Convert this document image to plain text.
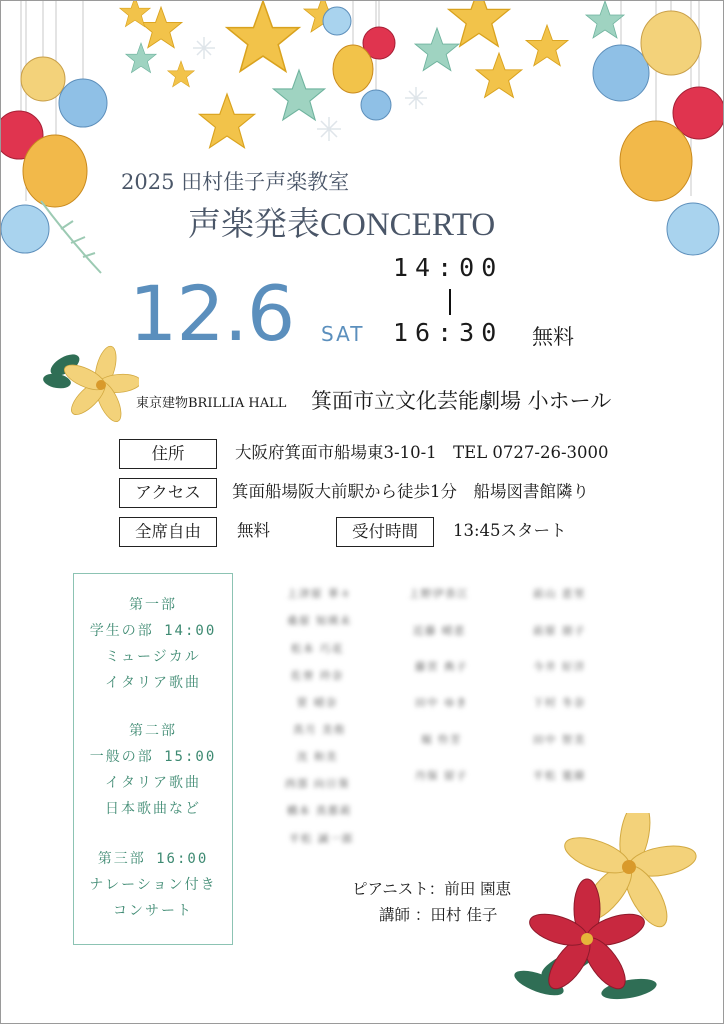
2025 田村佳子声楽教室
声楽発表CONCERTO
12.6 SAT
14:00
16:30 無料
東京建物BRILLIA HALL 箕面市立文化芸能劇場 小ホール
住所	大阪府箕面市船場東3-10-1　TEL 0727-26-3000
アクセス	箕面船場阪大前駅から徒歩1分　船場図書館隣り
全席自由	無料	受付時間	13:45スタート
第一部
学生の部 14:00
ミュージカル
イタリア歌曲
第二部
一般の部 15:00
イタリア歌曲
日本歌曲など
第三部 16:00
ナレーション付き
コンサート
上津原 華々
桑原 知瑛未
松本 巧花
佐曽 玲奈
笹 晴奈
真月 美侑
沈 和美
西部 向日葵
橋本 真都莉
平松 誠一郎
上野伊香江
近藤 晴恵
藤宮 典子
田中 ゆき
堀 怜芳
丹保 留子
前山 恵里
前原 朋子
今井 好洋
下村 冬奈
田中 智美
平松 寛緯
ピアニスト：前田 園恵
講師 ：田村 佳子
